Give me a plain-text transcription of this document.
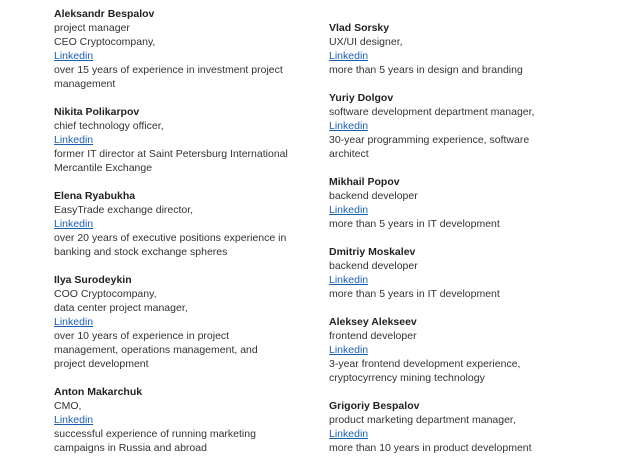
Aleksandr Bespalov
project manager
CEO Cryptocompany,
Linkedin
over 15 years of experience in investment project
management
Nikita Polikarpov
chief technology officer,
Linkedin
former IT director at Saint Petersburg International
Mercantile Exchange
Elena Ryabukha
EasyTrade exchange director,
Linkedin
over 20 years of executive positions experience in
banking and stock exchange spheres
Ilya Surodeykin
COO Cryptocompany,
data center project manager,
Linkedin
over 10 years of experience in project
management, operations management, and
project development
Anton Makarchuk
CMO,
Linkedin
successful experience of running marketing
campaigns in Russia and abroad
Vlad Sorsky
UX/UI designer,
Linkedin
more than 5 years in design and branding
Yuriy Dolgov
software development department manager,
Linkedin
30-year programming experience, software
architect
Mikhail Popov
backend developer
Linkedin
more than 5 years in IT development
Dmitriy Moskalev
backend developer
Linkedin
more than 5 years in IT development
Aleksey Alekseev
frontend developer
Linkedin
3-year frontend development experience,
cryptocyrrency mining technology
Grigoriy Bespalov
product marketing department manager,
Linkedin
more than 10 years in product development
